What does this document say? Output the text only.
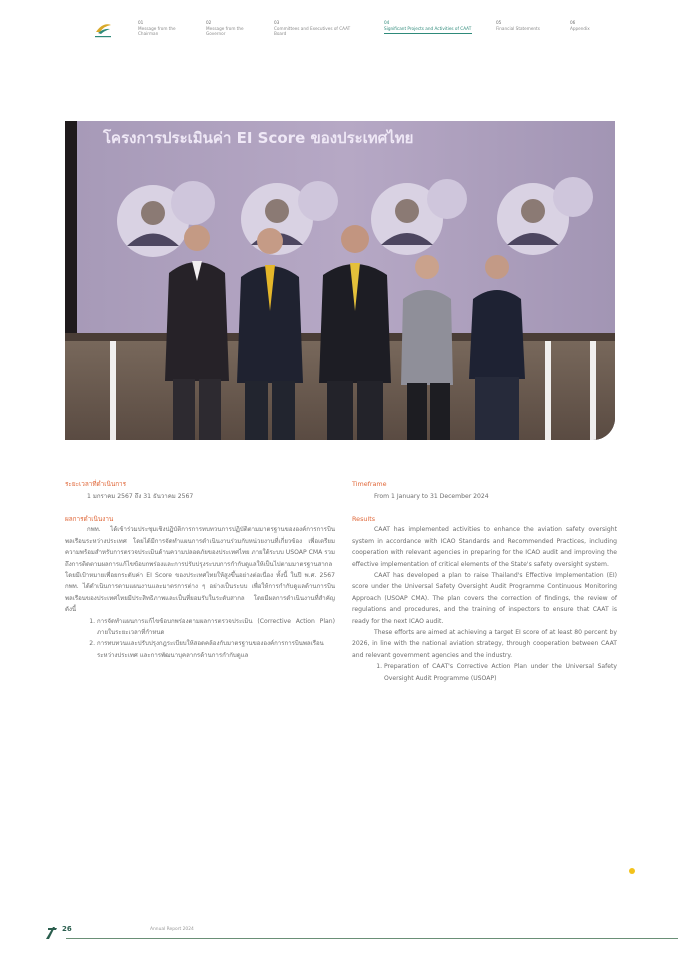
01
Message from the Chairman
02
Message from the Governor
03
Committees and Executives of CAAT Board
04
Significant Projects and Activities of CAAT
05
Financial Statements
06
Appendix
โครงการประเมินค่า EI Score ของประเทศไทย

ระยะเวลาที่ดำเนินการ

1 มกราคม 2567 ถึง 31 ธันวาคม 2567

ผลการดำเนินงาน

กพท. ได้เข้าร่วมประชุมเชิงปฏิบัติการการทบทวนการปฏิบัติตามมาตรฐานขององค์การการบินพลเรือนระหว่างประเทศ โดยได้มีการจัดทำแผนการดำเนินงานร่วมกับหน่วยงานที่เกี่ยวข้อง เพื่อเตรียมความพร้อมสำหรับการตรวจประเมินด้านความปลอดภัยของประเทศไทย ภายใต้ระบบ USOAP CMA รวมถึงการติดตามผลการแก้ไขข้อบกพร่องและการปรับปรุงระบบการกำกับดูแลให้เป็นไปตามมาตรฐานสากล โดยมีเป้าหมายเพื่อยกระดับค่า EI Score ของประเทศไทยให้สูงขึ้นอย่างต่อเนื่อง ทั้งนี้ ในปี พ.ศ. 2567 กพท. ได้ดำเนินการตามแผนงานและมาตรการต่าง ๆ อย่างเป็นระบบ เพื่อให้การกำกับดูแลด้านการบินพลเรือนของประเทศไทยมีประสิทธิภาพและเป็นที่ยอมรับในระดับสากล โดยมีผลการดำเนินงานที่สำคัญ ดังนี้

1. การจัดทำแผนการแก้ไขข้อบกพร่องตามผลการตรวจประเมิน (Corrective Action Plan) ภายในระยะเวลาที่กำหนด
2. การทบทวนและปรับปรุงกฎระเบียบให้สอดคล้องกับมาตรฐานขององค์การการบินพลเรือนระหว่างประเทศ และการพัฒนาบุคลากรด้านการกำกับดูแล

Timeframe

From 1 January to 31 December 2024

Results

CAAT has implemented activities to enhance the aviation safety oversight system in accordance with ICAO Standards and Recommended Practices, including cooperation with relevant agencies in preparing for the ICAO audit and improving the effective implementation of critical elements of the State's safety oversight system.

CAAT has developed a plan to raise Thailand's Effective Implementation (EI) score under the Universal Safety Oversight Audit Programme Continuous Monitoring Approach (USOAP CMA). The plan covers the correction of findings, the review of regulations and procedures, and the training of inspectors to ensure that CAAT is ready for the next ICAO audit.

These efforts are aimed at achieving a target EI score of at least 80 percent by 2026, in line with the national aviation strategy, through cooperation between CAAT and relevant government agencies and the industry.

1. Preparation of CAAT's Corrective Action Plan under the Universal Safety Oversight Audit Programme (USOAP)
26	Annual Report 2024
